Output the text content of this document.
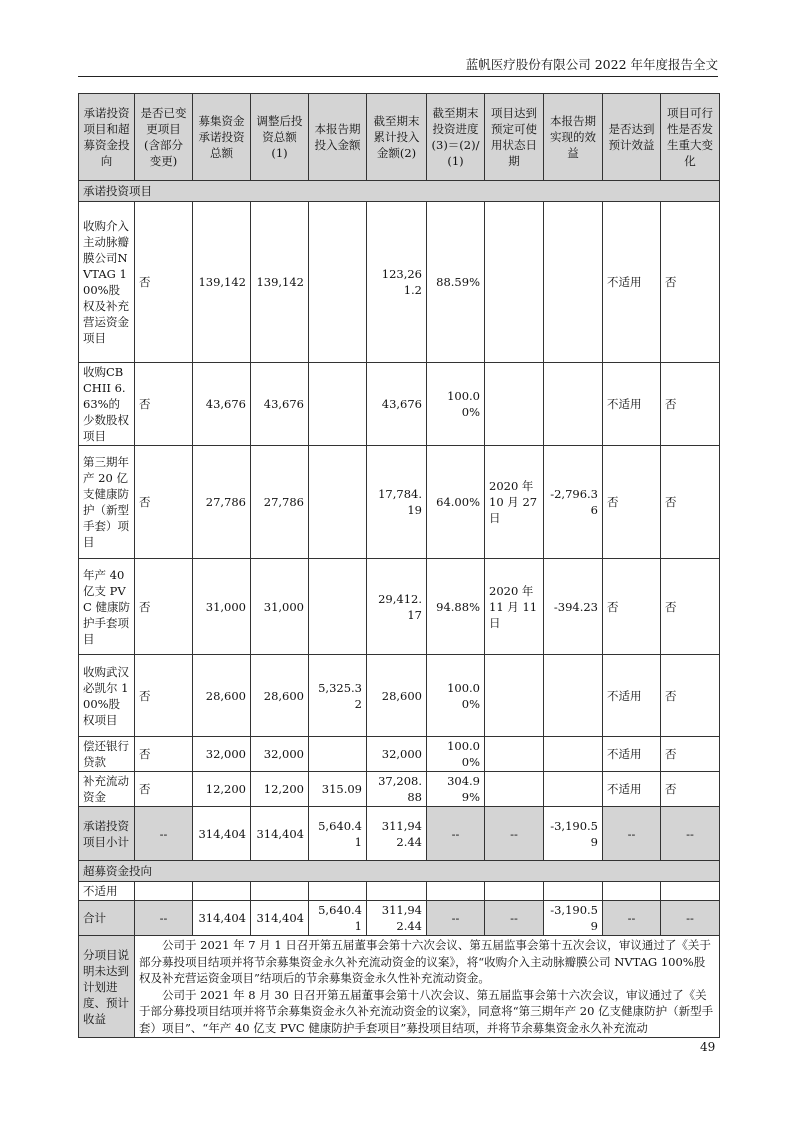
蓝帆医疗股份有限公司 2022 年年度报告全文
承诺投资项目和超募资金投向	是否已变更项目(含部分变更)	募集资金承诺投资总额	调整后投资总额(1)	本报告期投入金额	截至期末累计投入金额(2)	截至期末投资进度(3)＝(2)/(1)	项目达到预定可使用状态日期	本报告期实现的效益	是否达到预计效益	项目可行性是否发生重大变化
承诺投资项目										
收购介入主动脉瓣膜公司NVTAG 100%股权及补充营运资金项目	否	139,142	139,142		123,261.2	88.59%			不适用	否
收购CBCHII 6.63%的少数股权项目	否	43,676	43,676		43,676	100.00%			不适用	否
第三期年产 20 亿支健康防护（新型手套）项目	否	27,786	27,786		17,784.19	64.00%	2020 年 10 月 27 日	-2,796.36	否	否
年产 40 亿支 PVC 健康防护手套项目	否	31,000	31,000		29,412.17	94.88%	2020 年 11 月 11 日	-394.23	否	否
收购武汉必凯尔 100%股权项目	否	28,600	28,600	5,325.32	28,600	100.00%			不适用	否
偿还银行贷款	否	32,000	32,000		32,000	100.00%			不适用	否
补充流动资金	否	12,200	12,200	315.09	37,208.88	304.99%			不适用	否
承诺投资项目小计	--	314,404	314,404	5,640.41	311,942.44	--	--	-3,190.59	--	--
超募资金投向										
不适用										
合计	--	314,404	314,404	5,640.41	311,942.44	--	--	-3,190.59	--	--
分项目说明未达到计划进度、预计收益	公司于 2021 年 7 月 1 日召开第五届董事会第十六次会议、第五届监事会第十五次会议，审议通过了《关于部分募投项目结项并将节余募集资金永久补充流动资金的议案》，将“收购介入主动脉瓣膜公司 NVTAG 100%股权及补充营运资金项目”结项后的节余募集资金永久性补充流动资金。

公司于 2021 年 8 月 30 日召开第五届董事会第十八次会议、第五届监事会第十六次会议，审议通过了《关于部分募投项目结项并将节余募集资金永久补充流动资金的议案》，同意将“第三期年产 20 亿支健康防护（新型手套）项目”、“年产 40 亿支 PVC 健康防护手套项目”募投项目结项，并将节余募集资金永久补充流动									

49
